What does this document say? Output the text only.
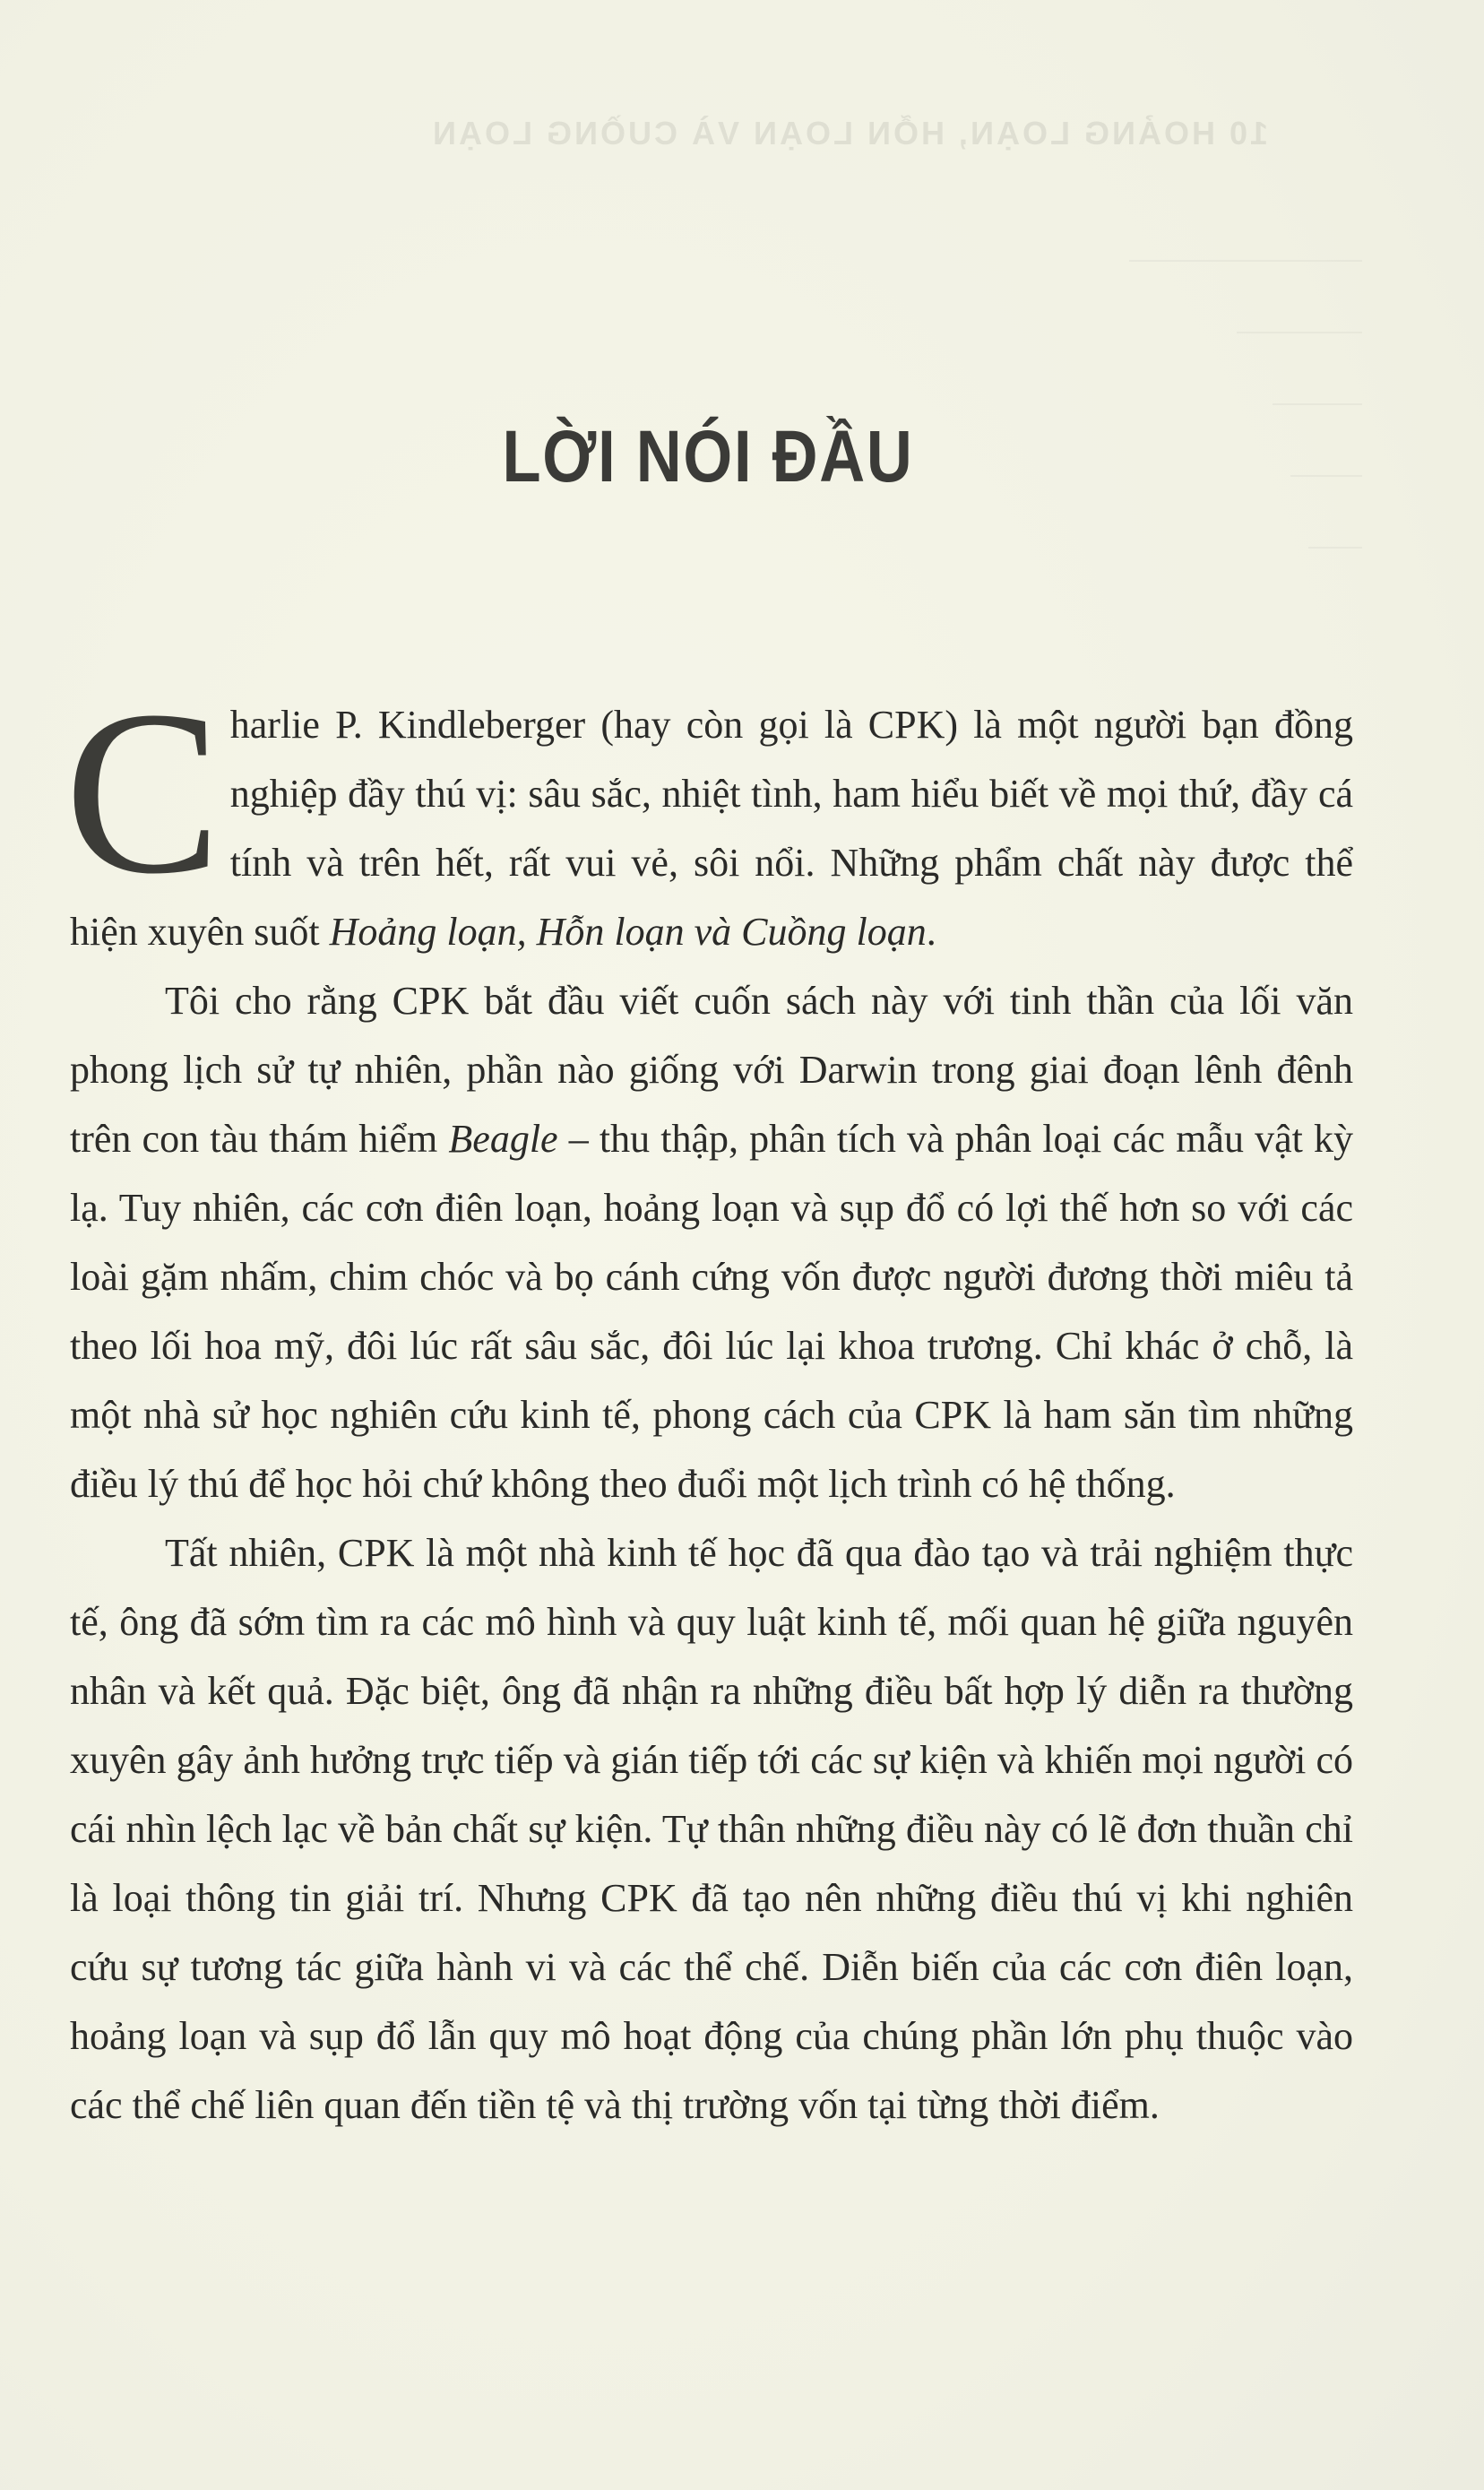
10 HOẢNG LOẠN, HỖN LOẠN VÀ CUỒNG LOẠN
LỜI NÓI ĐẦU

Charlie P. Kindleberger (hay còn gọi là CPK) là một người bạn đồng nghiệp đầy thú vị: sâu sắc, nhiệt tình, ham hiểu biết về mọi thứ, đầy cá tính và trên hết, rất vui vẻ, sôi nổi. Những phẩm chất này được thể hiện xuyên suốt Hoảng loạn, Hỗn loạn và Cuồng loạn.

Tôi cho rằng CPK bắt đầu viết cuốn sách này với tinh thần của lối văn phong lịch sử tự nhiên, phần nào giống với Darwin trong giai đoạn lênh đênh trên con tàu thám hiểm Beagle – thu thập, phân tích và phân loại các mẫu vật kỳ lạ. Tuy nhiên, các cơn điên loạn, hoảng loạn và sụp đổ có lợi thế hơn so với các loài gặm nhấm, chim chóc và bọ cánh cứng vốn được người đương thời miêu tả theo lối hoa mỹ, đôi lúc rất sâu sắc, đôi lúc lại khoa trương. Chỉ khác ở chỗ, là một nhà sử học nghiên cứu kinh tế, phong cách của CPK là ham săn tìm những điều lý thú để học hỏi chứ không theo đuổi một lịch trình có hệ thống.

Tất nhiên, CPK là một nhà kinh tế học đã qua đào tạo và trải nghiệm thực tế, ông đã sớm tìm ra các mô hình và quy luật kinh tế, mối quan hệ giữa nguyên nhân và kết quả. Đặc biệt, ông đã nhận ra những điều bất hợp lý diễn ra thường xuyên gây ảnh hưởng trực tiếp và gián tiếp tới các sự kiện và khiến mọi người có cái nhìn lệch lạc về bản chất sự kiện. Tự thân những điều này có lẽ đơn thuần chỉ là loại thông tin giải trí. Nhưng CPK đã tạo nên những điều thú vị khi nghiên cứu sự tương tác giữa hành vi và các thể chế. Diễn biến của các cơn điên loạn, hoảng loạn và sụp đổ lẫn quy mô hoạt động của chúng phần lớn phụ thuộc vào các thể chế liên quan đến tiền tệ và thị trường vốn tại từng thời điểm.
